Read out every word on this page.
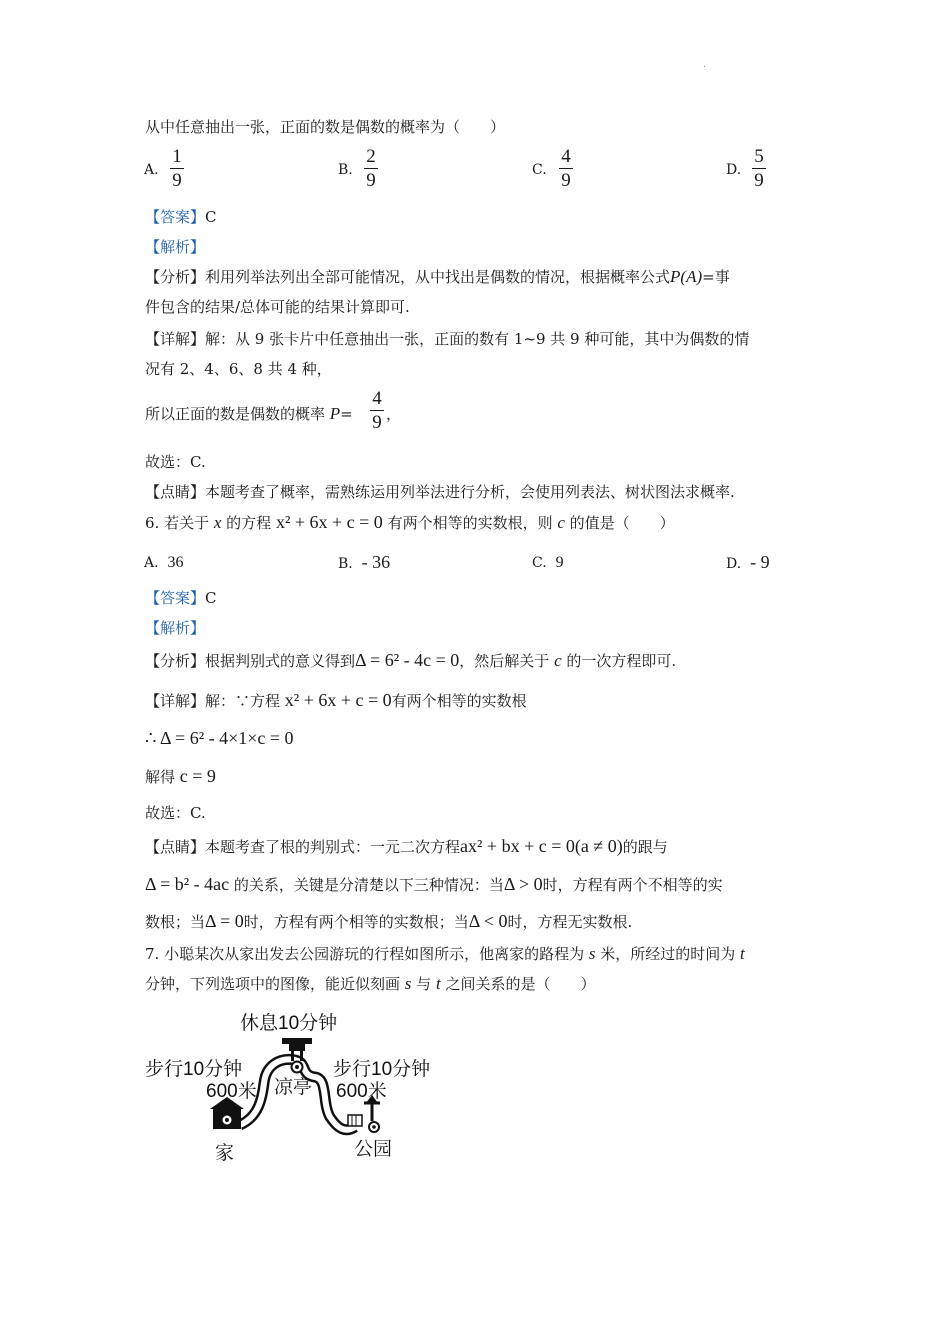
.
从中任意抽出一张，正面的数是偶数的概率为（　　）
A.
1
9	B.
2
9	C.
4
9	D.
5
9
【答案】C
【解析】
【分析】利用列举法列出全部可能情况，从中找出是偶数的情况，根据概率公式P(A)=事
件包含的结果/总体可能的结果计算即可.
【详解】解：从 9 张卡片中任意抽出一张，正面的数有 1~9 共 9 种可能，其中为偶数的情
况有 2、4、6、8 共 4 种，
所以正面的数是偶数的概率 P=
4
9 ，
故选：C.
【点睛】本题考查了概率，需熟练运用列举法进行分析，会使用列表法、树状图法求概率.
6. 若关于 x 的方程 x² + 6x + c = 0 有两个相等的实数根，则 c 的值是（　　）
A. 36	B. - 36	C. 9	D. - 9
【答案】C
【解析】
【分析】根据判别式的意义得到Δ = 6² - 4c = 0，然后解关于 c 的一次方程即可.
【详解】解：∵方程 x² + 6x + c = 0有两个相等的实数根
∴ Δ = 6² - 4×1×c = 0
解得 c = 9
故选：C.
【点睛】本题考查了根的判别式：一元二次方程ax² + bx + c = 0(a ≠ 0)的跟与
Δ = b² - 4ac 的关系，关键是分清楚以下三种情况：当Δ > 0时，方程有两个不相等的实
数根；当Δ = 0时，方程有两个相等的实数根；当Δ < 0时，方程无实数根.
7. 小聪某次从家出发去公园游玩的行程如图所示，他离家的路程为 s 米，所经过的时间为 t
分钟，下列选项中的图像，能近似刻画 s 与 t 之间关系的是（　　）
休息10分钟
步行10分钟
600米 凉亭
步行10分钟
600米
家	公园
